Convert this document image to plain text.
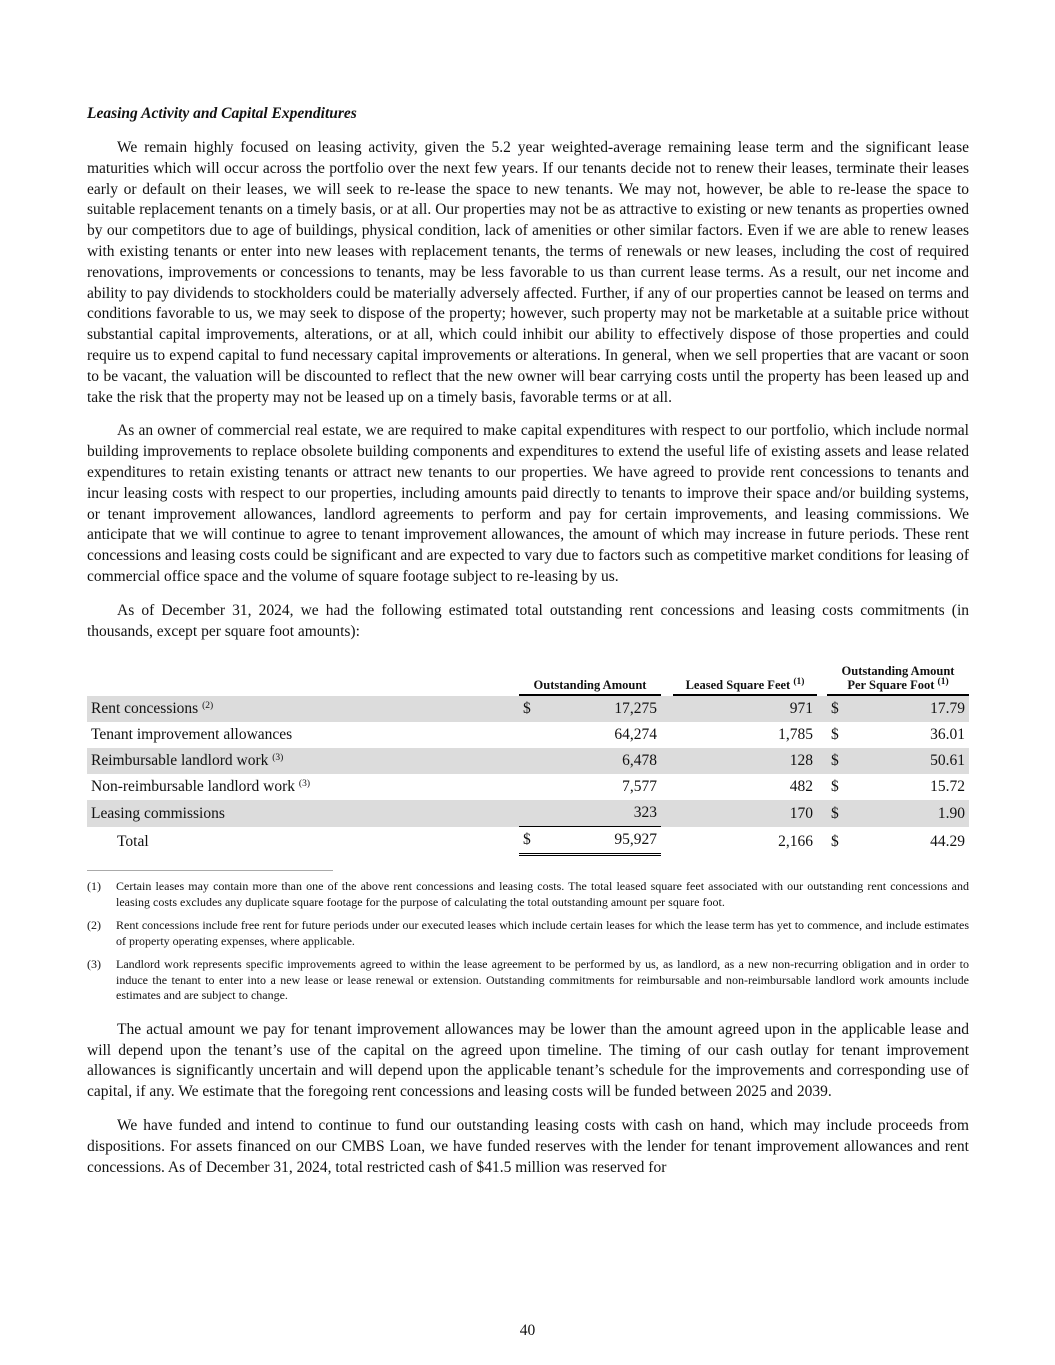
Leasing Activity and Capital Expenditures

We remain highly focused on leasing activity, given the 5.2 year weighted-average remaining lease term and the significant lease maturities which will occur across the portfolio over the next few years. If our tenants decide not to renew their leases, terminate their leases early or default on their leases, we will seek to re-lease the space to new tenants. We may not, however, be able to re-lease the space to suitable replacement tenants on a timely basis, or at all. Our properties may not be as attractive to existing or new tenants as properties owned by our competitors due to age of buildings, physical condition, lack of amenities or other similar factors. Even if we are able to renew leases with existing tenants or enter into new leases with replacement tenants, the terms of renewals or new leases, including the cost of required renovations, improvements or concessions to tenants, may be less favorable to us than current lease terms. As a result, our net income and ability to pay dividends to stockholders could be materially adversely affected. Further, if any of our properties cannot be leased on terms and conditions favorable to us, we may seek to dispose of the property; however, such property may not be marketable at a suitable price without substantial capital improvements, alterations, or at all, which could inhibit our ability to effectively dispose of those properties and could require us to expend capital to fund necessary capital improvements or alterations. In general, when we sell properties that are vacant or soon to be vacant, the valuation will be discounted to reflect that the new owner will bear carrying costs until the property has been leased up and take the risk that the property may not be leased up on a timely basis, favorable terms or at all.

As an owner of commercial real estate, we are required to make capital expenditures with respect to our portfolio, which include normal building improvements to replace obsolete building components and expenditures to extend the useful life of existing assets and lease related expenditures to retain existing tenants or attract new tenants to our properties. We have agreed to provide rent concessions to tenants and incur leasing costs with respect to our properties, including amounts paid directly to tenants to improve their space and/or building systems, or tenant improvement allowances, landlord agreements to perform and pay for certain improvements, and leasing commissions. We anticipate that we will continue to agree to tenant improvement allowances, the amount of which may increase in future periods. These rent concessions and leasing costs could be significant and are expected to vary due to factors such as competitive market conditions for leasing of commercial office space and the volume of square footage subject to re-leasing by us.

As of December 31, 2024, we had the following estimated total outstanding rent concessions and leasing costs commitments (in thousands, except per square foot amounts):

	Outstanding Amount			Leased Square Feet $^{(1)}$		Outstanding Amount
Per Square Foot $^{(1)}$
Rent concessions $^{(2)}$	$	17,275		971		$	17.79
Tenant improvement allowances		64,274		1,785		$	36.01
Reimbursable landlord work $^{(3)}$		6,478		128		$	50.61
Non-reimbursable landlord work $^{(3)}$		7,577		482		$	15.72
Leasing commissions		323		170		$	1.90
Total	$	95,927		2,166		$	44.29
(1)	Certain leases may contain more than one of the above rent concessions and leasing costs. The total leased square feet associated with our outstanding rent concessions and leasing costs excludes any duplicate square footage for the purpose of calculating the total outstanding amount per square foot.
(2)	Rent concessions include free rent for future periods under our executed leases which include certain leases for which the lease term has yet to commence, and include estimates of property operating expenses, where applicable.
(3)	Landlord work represents specific improvements agreed to within the lease agreement to be performed by us, as landlord, as a new non-recurring obligation and in order to induce the tenant to enter into a new lease or lease renewal or extension. Outstanding commitments for reimbursable and non-reimbursable landlord work amounts include estimates and are subject to change.

The actual amount we pay for tenant improvement allowances may be lower than the amount agreed upon in the applicable lease and will depend upon the tenant’s use of the capital on the agreed upon timeline. The timing of our cash outlay for tenant improvement allowances is significantly uncertain and will depend upon the applicable tenant’s schedule for the improvements and corresponding use of capital, if any. We estimate that the foregoing rent concessions and leasing costs will be funded between 2025 and 2039.

We have funded and intend to continue to fund our outstanding leasing costs with cash on hand, which may include proceeds from dispositions. For assets financed on our CMBS Loan, we have funded reserves with the lender for tenant improvement allowances and rent concessions. As of December 31, 2024, total restricted cash of $41.5 million was reserved for

40
